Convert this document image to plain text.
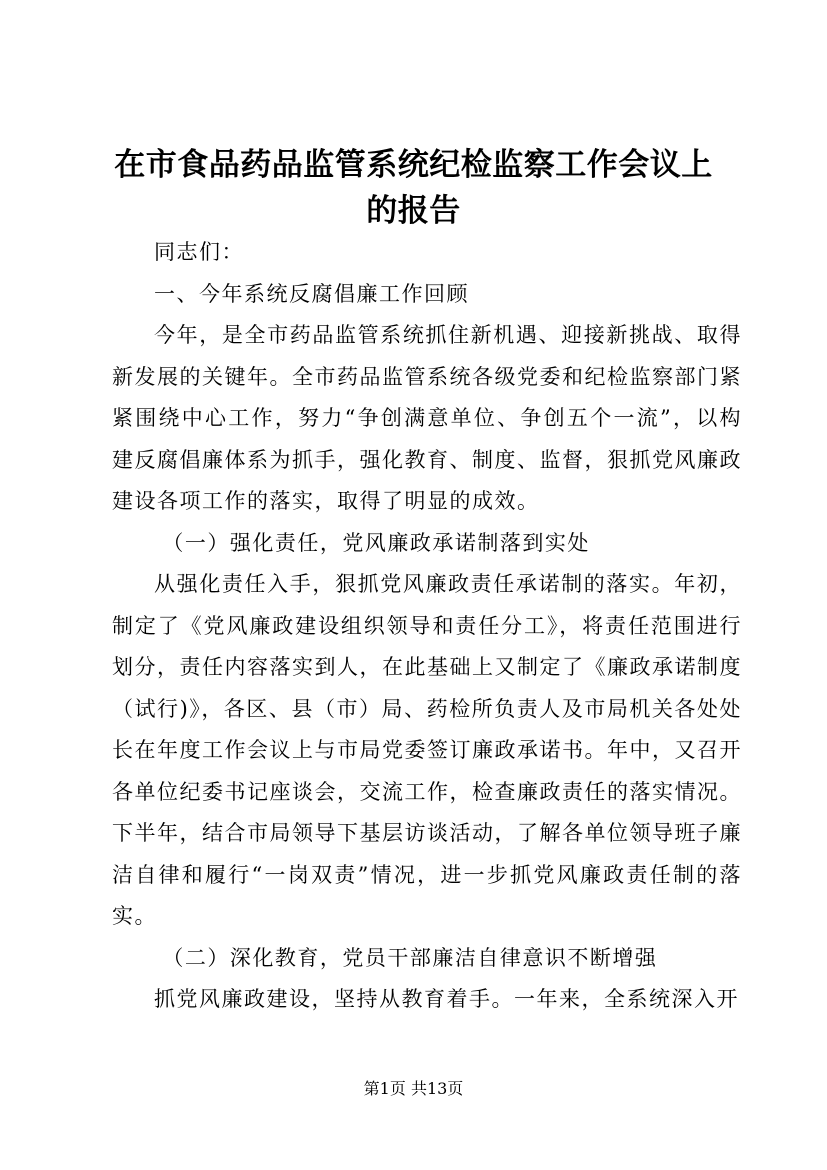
在市食品药品监管系统纪检监察工作会议上的报告

同志们：

一、今年系统反腐倡廉工作回顾

今年，是全市药品监管系统抓住新机遇、迎接新挑战、取得新发展的关键年。全市药品监管系统各级党委和纪检监察部门紧紧围绕中心工作，努力“争创满意单位、争创五个一流”，以构建反腐倡廉体系为抓手，强化教育、制度、监督，狠抓党风廉政建设各项工作的落实，取得了明显的成效。

（一）强化责任，党风廉政承诺制落到实处

从强化责任入手，狠抓党风廉政责任承诺制的落实。年初，制定了《党风廉政建设组织领导和责任分工》，将责任范围进行划分，责任内容落实到人，在此基础上又制定了《廉政承诺制度（试行)》，各区、县（市）局、药检所负责人及市局机关各处处长在年度工作会议上与市局党委签订廉政承诺书。年中，又召开各单位纪委书记座谈会，交流工作，检查廉政责任的落实情况。下半年，结合市局领导下基层访谈活动，了解各单位领导班子廉洁自律和履行“一岗双责”情况，进一步抓党风廉政责任制的落实。

（二）深化教育，党员干部廉洁自律意识不断增强

抓党风廉政建设，坚持从教育着手。一年来，全系统深入开

第1页 共13页
